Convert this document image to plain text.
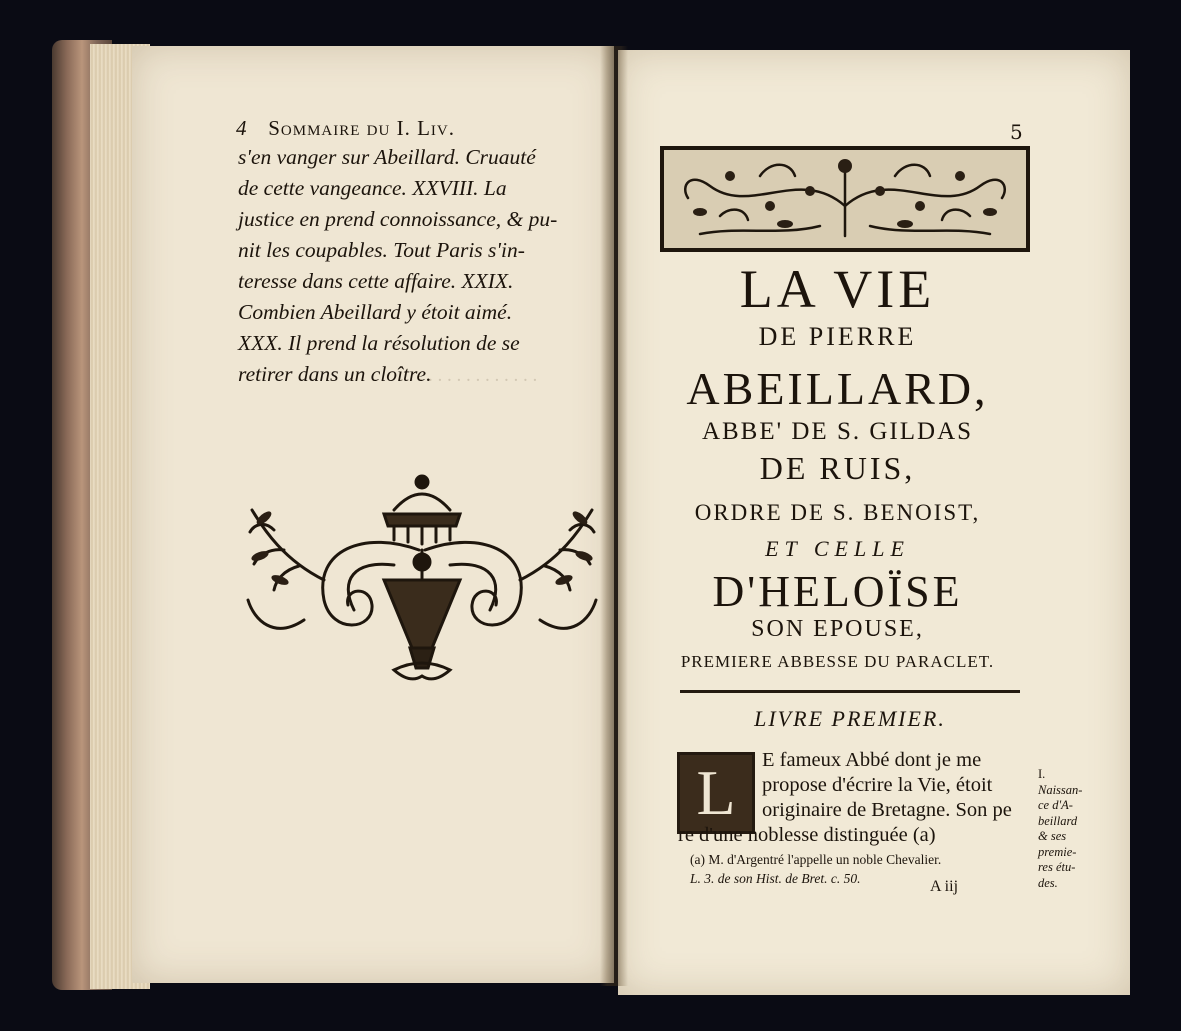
. . . . . . . . . . . . . . .
4 Sommaire du I. Liv.
s'en vanger sur Abeillard. Cruauté
de cette vangeance. XXVIII. La
justice en prend connoissance, & pu-
nit les coupables. Tout Paris s'in-
teresse dans cette affaire. XXIX.
Combien Abeillard y étoit aimé.
XXX. Il prend la résolution de se
retirer dans un cloître.
5
LA VIE
DE PIERRE
ABEILLARD,
ABBE' DE S. GILDAS
DE RUIS,
ORDRE DE S. BENOIST,
ET CELLE
D'HELOÏSE
SON EPOUSE,
PREMIERE ABBESSE DU PARACLET.
LIVRE PREMIER.
L	E fameux Abbé dont je me
propose d'écrire la Vie, étoit
originaire de Bretagne. Son pe
re d'une noblesse distinguée (a)
I.
Naissan-
ce d'A-
beillard
& ses
premie-
res étu-
des.
(a) M. d'Argentré l'appelle un noble Chevalier.
L. 3. de son Hist. de Bret. c. 50.	A iij
